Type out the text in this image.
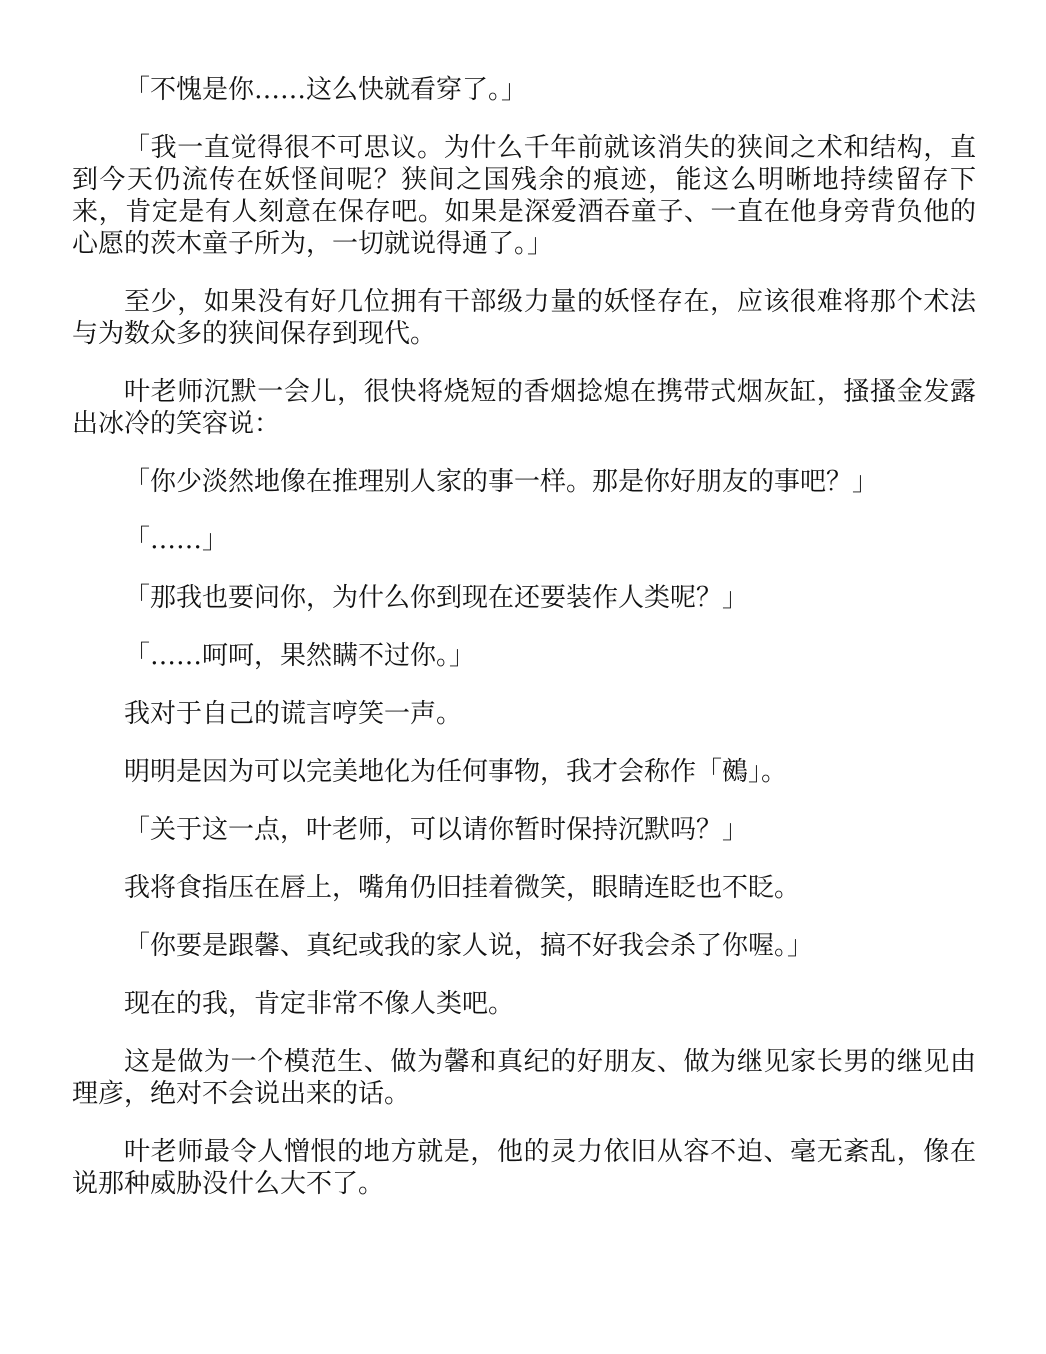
「不愧是你……这么快就看穿了。」

「我一直觉得很不可思议。为什么千年前就该消失的狭间之术和结构，直到今天仍流传在妖怪间呢？狭间之国残余的痕迹，能这么明晰地持续留存下来，肯定是有人刻意在保存吧。如果是深爱酒吞童子、一直在他身旁背负他的心愿的茨木童子所为，一切就说得通了。」

至少，如果没有好几位拥有干部级力量的妖怪存在，应该很难将那个术法与为数众多的狭间保存到现代。

叶老师沉默一会儿，很快将烧短的香烟捻熄在携带式烟灰缸，搔搔金发露出冰冷的笑容说：

「你少淡然地像在推理别人家的事一样。那是你好朋友的事吧？」

「……」

「那我也要问你，为什么你到现在还要装作人类呢？」

「……呵呵，果然瞒不过你。」

我对于自己的谎言哼笑一声。

明明是因为可以完美地化为任何事物，我才会称作「鵺」。

「关于这一点，叶老师，可以请你暂时保持沉默吗？」

我将食指压在唇上，嘴角仍旧挂着微笑，眼睛连眨也不眨。

「你要是跟馨、真纪或我的家人说，搞不好我会杀了你喔。」

现在的我，肯定非常不像人类吧。

这是做为一个模范生、做为馨和真纪的好朋友、做为继见家长男的继见由理彦，绝对不会说出来的话。

叶老师最令人憎恨的地方就是，他的灵力依旧从容不迫、毫无紊乱，像在说那种威胁没什么大不了。
